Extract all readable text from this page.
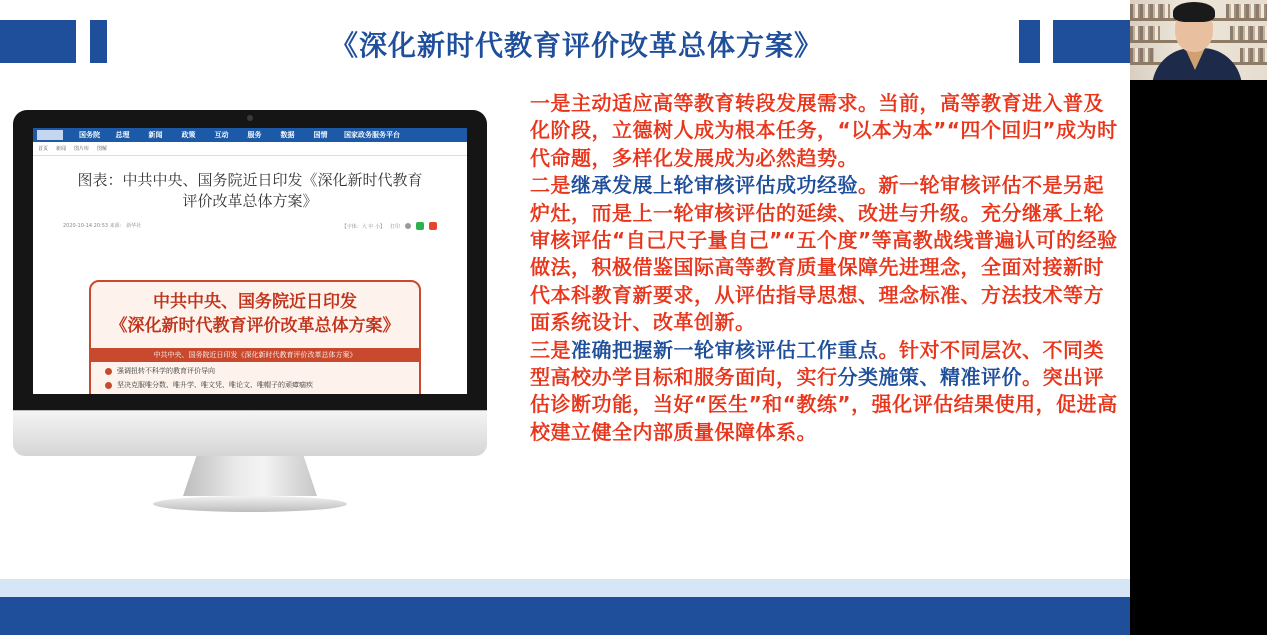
《深化新时代教育评价改革总体方案》
国务院	总理	新闻	政策	互动	服务	数据	国情	国家政务服务平台
首页 新闻 图片库 图解
图表：中共中央、国务院近日印发《深化新时代教育
评价改革总体方案》
2020-10-14 20:53 来源： 新华社	【字体：大 中 小】 打印
中共中央、国务院近日印发
《深化新时代教育评价改革总体方案》
中共中央、国务院近日印发《深化新时代教育评价改革总体方案》
强调扭转不科学的教育评价导向
坚决克服唯分数、唯升学、唯文凭、唯论文、唯帽子的顽瘴痼疾

一是主动适应高等教育转段发展需求。当前，高等教育进入普及化阶段，立德树人成为根本任务，“以本为本”“四个回归”成为时代命题，多样化发展成为必然趋势。

二是继承发展上轮审核评估成功经验。新一轮审核评估不是另起炉灶，而是上一轮审核评估的延续、改进与升级。充分继承上轮审核评估“自己尺子量自己”“五个度”等高教战线普遍认可的经验做法，积极借鉴国际高等教育质量保障先进理念，全面对接新时代本科教育新要求，从评估指导思想、理念标准、方法技术等方面系统设计、改革创新。

三是准确把握新一轮审核评估工作重点。针对不同层次、不同类型高校办学目标和服务面向，实行分类施策、精准评价。突出评估诊断功能，当好“医生”和“教练”，强化评估结果使用，促进高校建立健全内部质量保障体系。
